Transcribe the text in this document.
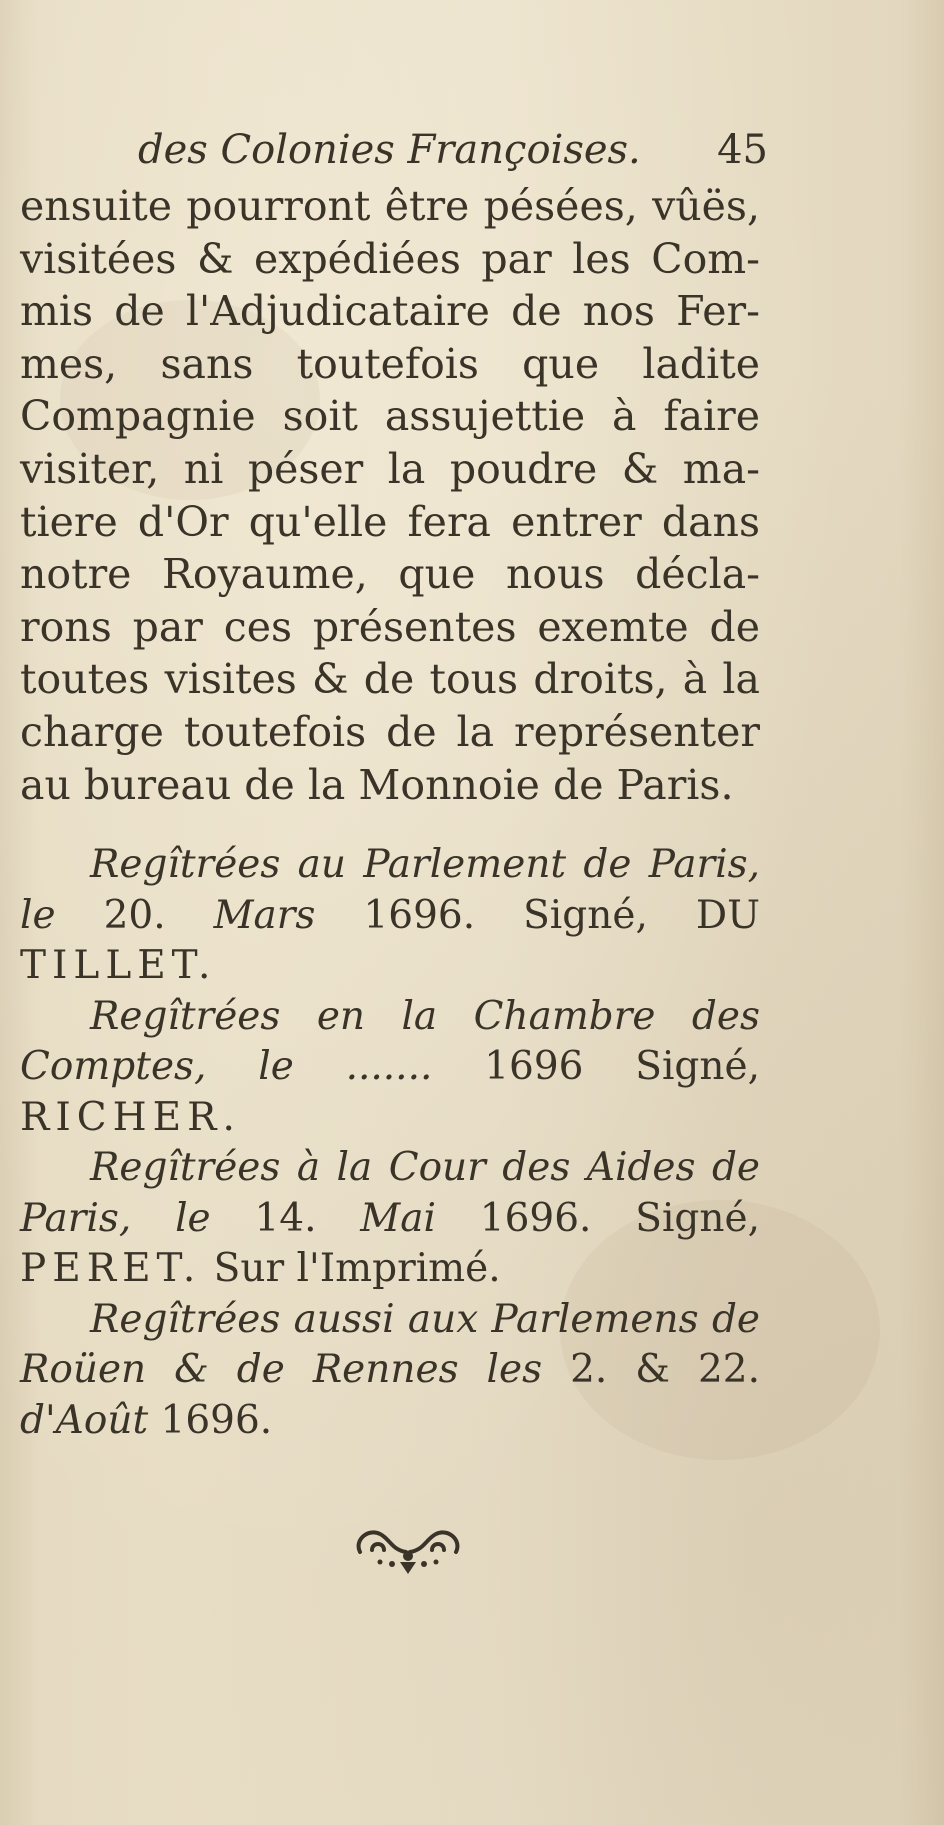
des Colonies Françoises. 45
ensuite pourront être pésées, vûës,
visitées & expédiées par les Com-
mis de l'Adjudicataire de nos Fer-
mes, sans toutefois que ladite
Compagnie soit assujettie à faire
visiter, ni péser la poudre & ma-
tiere d'Or qu'elle fera entrer dans
notre Royaume, que nous décla-
rons par ces présentes exemte de
toutes visites & de tous droits, à la
charge toutefois de la représenter
au bureau de la Monnoie de Paris.
Regîtrées au Parlement de Paris,
le 20. Mars 1696. Signé, DU
TILLET.
Regîtrées en la Chambre des
Comptes, le ....... 1696 Signé,
RICHER.
Regîtrées à la Cour des Aides de
Paris, le 14. Mai 1696. Signé,
PERET. Sur l'Imprimé.
Regîtrées aussi aux Parlemens de
Roüen & de Rennes les 2. & 22.
d'Août 1696.
